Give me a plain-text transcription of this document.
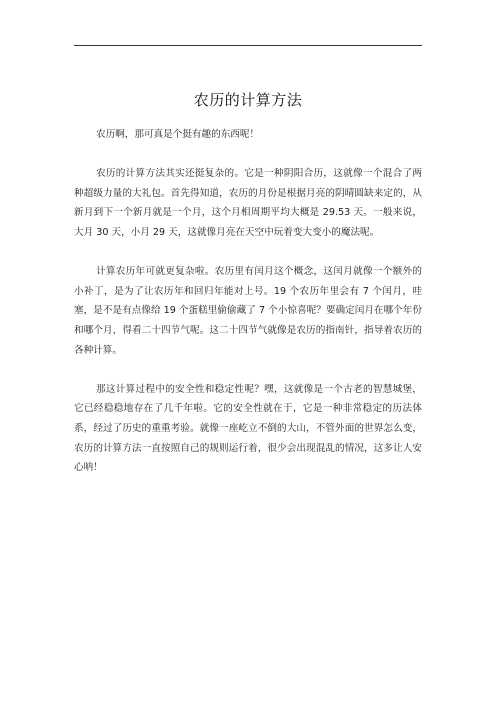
农历的计算方法

农历啊，那可真是个挺有趣的东西呢！

农历的计算方法其实还挺复杂的。它是一种阴阳合历，这就像一个混合了两种超级力量的大礼包。首先得知道，农历的月份是根据月亮的阴晴圆缺来定的，从新月到下一个新月就是一个月，这个月相周期平均大概是 29.53 天。一般来说，大月 30 天，小月 29 天，这就像月亮在天空中玩着变大变小的魔法呢。

计算农历年可就更复杂啦。农历里有闰月这个概念，这闰月就像一个额外的小补丁，是为了让农历年和回归年能对上号。19 个农历年里会有 7 个闰月，哇塞，是不是有点像给 19 个蛋糕里偷偷藏了 7 个小惊喜呢？要确定闰月在哪个年份和哪个月，得看二十四节气呢。这二十四节气就像是农历的指南针，指导着农历的各种计算。

那这计算过程中的安全性和稳定性呢？嘿，这就像是一个古老的智慧城堡，它已经稳稳地存在了几千年啦。它的安全性就在于，它是一种非常稳定的历法体系，经过了历史的重重考验。就像一座屹立不倒的大山，不管外面的世界怎么变，农历的计算方法一直按照自己的规则运行着，很少会出现混乱的情况，这多让人安心呐！
